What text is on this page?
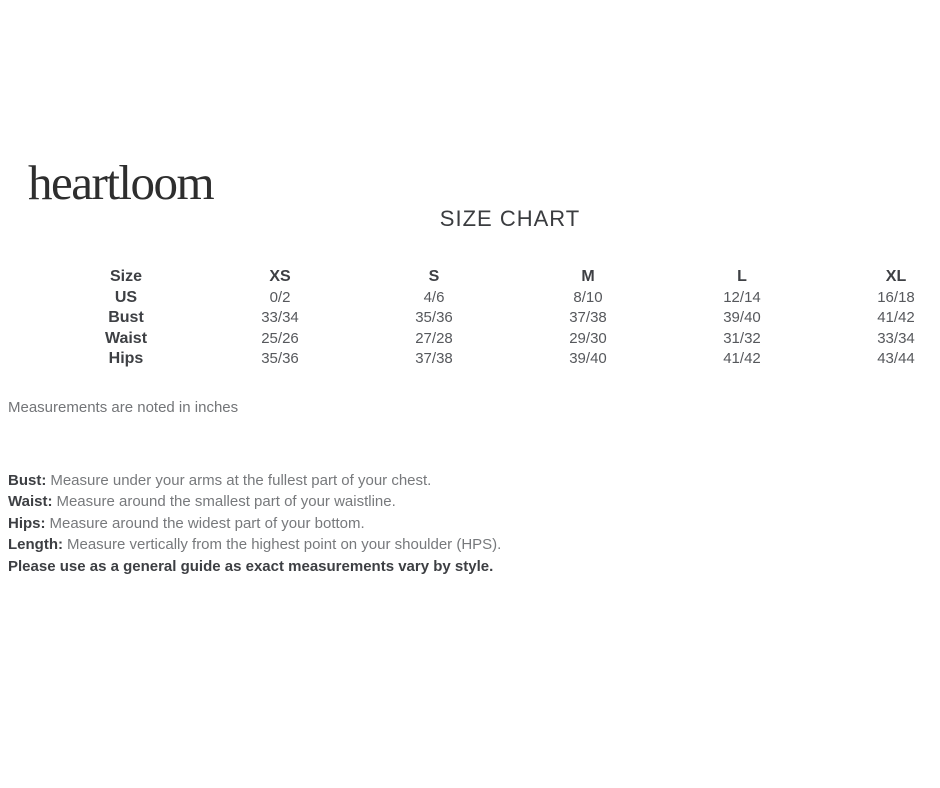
heartloom
SIZE CHART
Size	XS	S	M	L	XL
US	0/2	4/6	8/10	12/14	16/18
Bust	33/34	35/36	37/38	39/40	41/42
Waist	25/26	27/28	29/30	31/32	33/34
Hips	35/36	37/38	39/40	41/42	43/44
Measurements are noted in inches
Bust: Measure under your arms at the fullest part of your chest.
Waist: Measure around the smallest part of your waistline.
Hips: Measure around the widest part of your bottom.
Length: Measure vertically from the highest point on your shoulder (HPS).
Please use as a general guide as exact measurements vary by style.
